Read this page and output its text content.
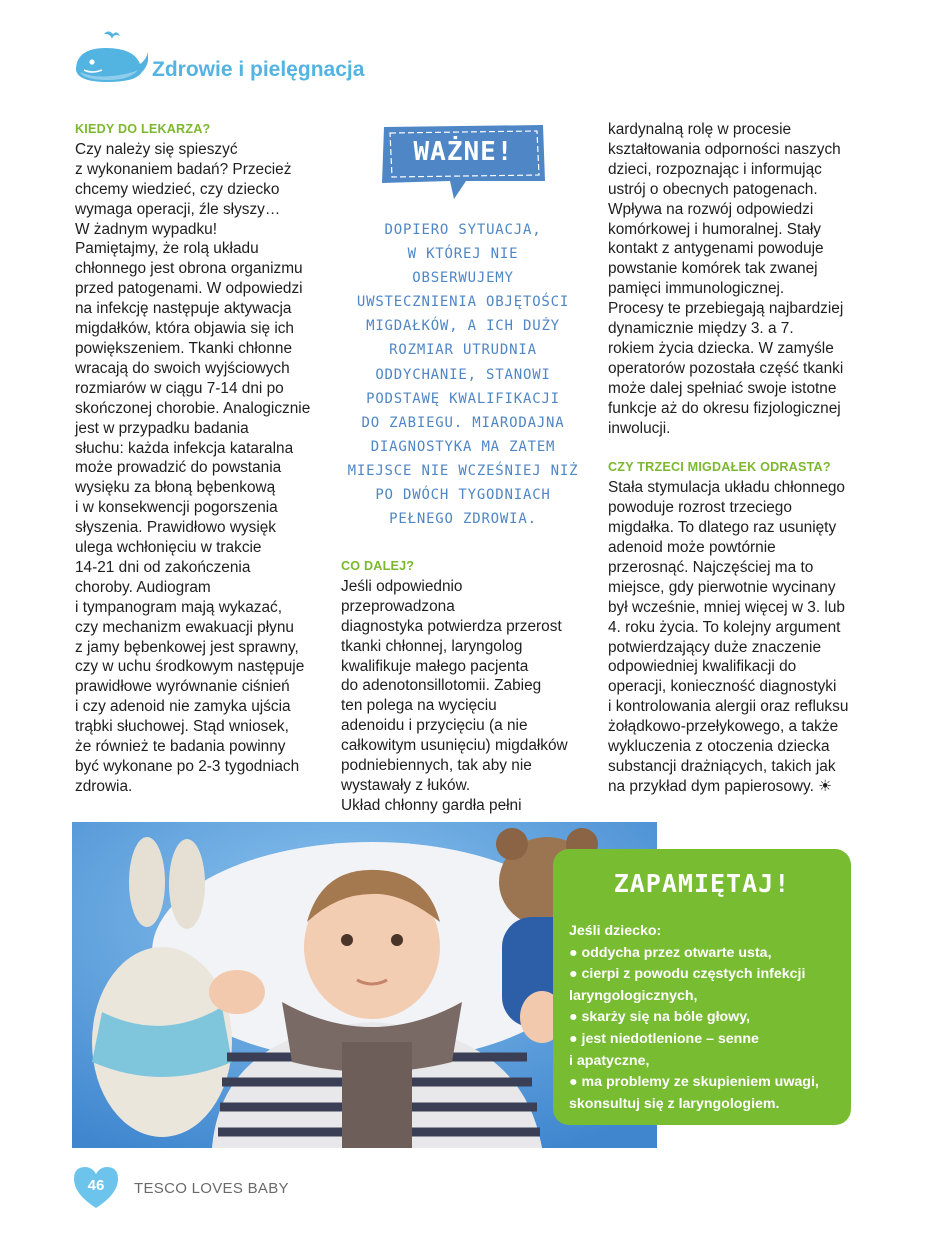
Zdrowie i pielęgnacja
KIEDY DO LEKARZA?

Czy należy się spieszyć
z wykonaniem badań? Przecież
chcemy wiedzieć, czy dziecko
wymaga operacji, źle słyszy…
W żadnym wypadku!
Pamiętajmy, że rolą układu
chłonnego jest obrona organizmu
przed patogenami. W odpowiedzi
na infekcję następuje aktywacja
migdałków, która objawia się ich
powiększeniem. Tkanki chłonne
wracają do swoich wyjściowych
rozmiarów w ciągu 7-14 dni po
skończonej chorobie. Analogicznie
jest w przypadku badania
słuchu: każda infekcja kataralna
może prowadzić do powstania
wysięku za błoną bębenkową
i w konsekwencji pogorszenia
słyszenia. Prawidłowo wysięk
ulega wchłonięciu w trakcie
14-21 dni od zakończenia
choroby. Audiogram
i tympanogram mają wykazać,
czy mechanizm ewakuacji płynu
z jamy bębenkowej jest sprawny,
czy w uchu środkowym następuje
prawidłowe wyrównanie ciśnień
i czy adenoid nie zamyka ujścia
trąbki słuchowej. Stąd wniosek,
że również te badania powinny
być wykonane po 2-3 tygodniach
zdrowia.

WAŻNE!
DOPIERO SYTUACJA,
W KTÓREJ NIE
OBSERWUJEMY
UWSTECZNIENIA OBJĘTOŚCI
MIGDAŁKÓW, A ICH DUŻY
ROZMIAR UTRUDNIA
ODDYCHANIE, STANOWI
PODSTAWĘ KWALIFIKACJI
DO ZABIEGU. MIARODAJNA
DIAGNOSTYKA MA ZATEM
MIEJSCE NIE WCZEŚNIEJ NIŻ
PO DWÓCH TYGODNIACH
PEŁNEGO ZDROWIA.
CO DALEJ?

Jeśli odpowiednio przeprowadzona
diagnostyka potwierdza przerost
tkanki chłonnej, laryngolog
kwalifikuje małego pacjenta
do adenotonsillotomii. Zabieg
ten polega na wycięciu
adenoidu i przycięciu (a nie
całkowitym usunięciu) migdałków
podniebiennych, tak aby nie
wystawały z łuków.
Układ chłonny gardła pełni

kardynalną rolę w procesie
kształtowania odporności naszych
dzieci, rozpoznając i informując
ustrój o obecnych patogenach.
Wpływa na rozwój odpowiedzi
komórkowej i humoralnej. Stały
kontakt z antygenami powoduje
powstanie komórek tak zwanej
pamięci immunologicznej.
Procesy te przebiegają najbardziej
dynamicznie między 3. a 7.
rokiem życia dziecka. W zamyśle
operatorów pozostała część tkanki
może dalej spełniać swoje istotne
funkcje aż do okresu fizjologicznej
inwolucji.

CZY TRZECI MIGDAŁEK ODRASTA?

Stała stymulacja układu chłonnego
powoduje rozrost trzeciego
migdałka. To dlatego raz usunięty
adenoid może powtórnie
przerosnąć. Najczęściej ma to
miejsce, gdy pierwotnie wycinany
był wcześnie, mniej więcej w 3. lub
4. roku życia. To kolejny argument
potwierdzający duże znaczenie
odpowiedniej kwalifikacji do
operacji, konieczność diagnostyki
i kontrolowania alergii oraz refluksu
żołądkowo-przełykowego, a także
wykluczenia z otoczenia dziecka
substancji drażniących, takich jak
na przykład dym papierosowy. ☀

ZAPAMIĘTAJ!
Jeśli dziecko:
● oddycha przez otwarte usta,
● cierpi z powodu częstych infekcji
laryngologicznych,
● skarży się na bóle głowy,
● jest niedotlenione – senne
i apatyczne,
● ma problemy ze skupieniem uwagi,
skonsultuj się z laryngologiem.
46	TESCO LOVES BABY
